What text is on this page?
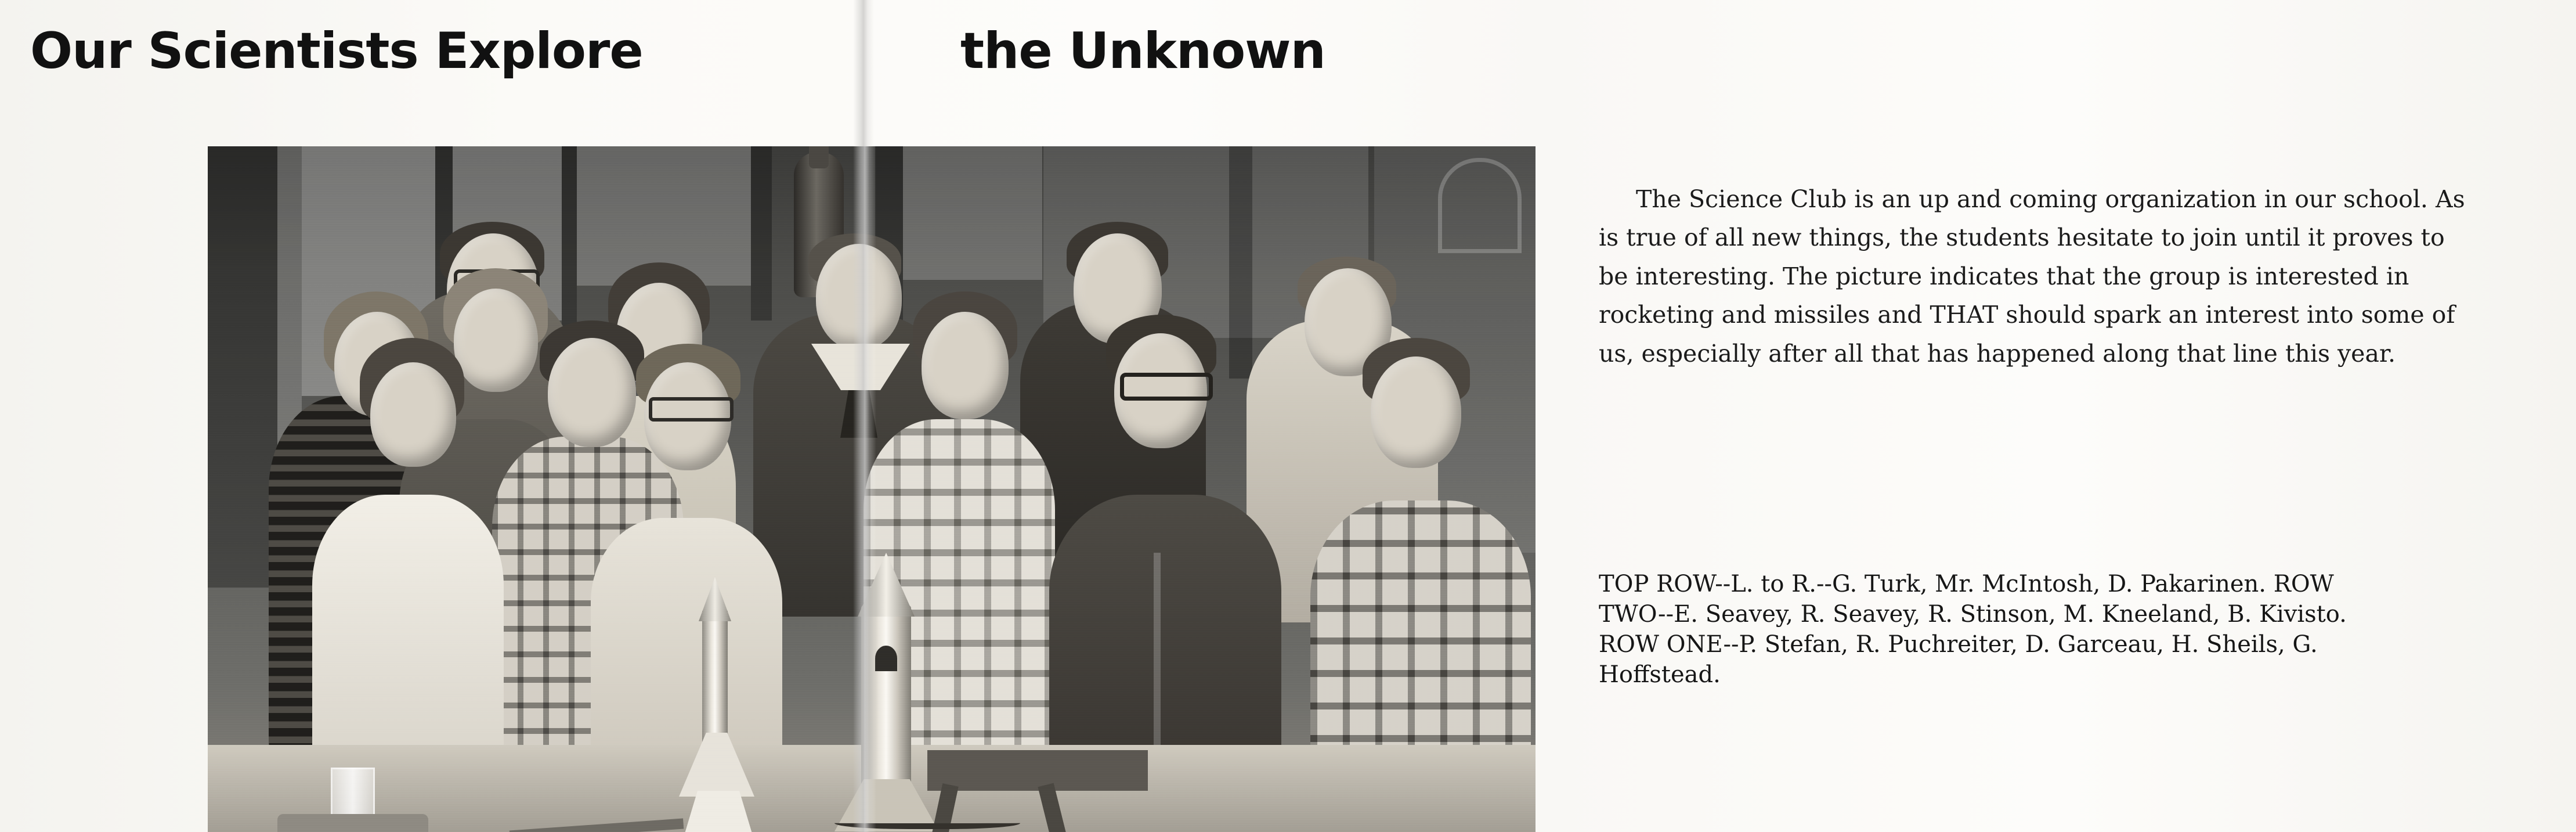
Our Scientists Explore	the Unknown

The Science Club is an up and coming organization in our school. As is true of all new things, the students hesitate to join until it proves to be interesting. The picture indicates that the group is interested in rocketing and missiles and THAT should spark an interest into some of us, especially after all that has happened along that line this year.

TOP ROW--L. to R.--G. Turk, Mr. McIntosh, D. Pakarinen. ROW

TWO--E. Seavey, R. Seavey, R. Stinson, M. Kneeland, B. Kivisto.

ROW ONE--P. Stefan, R. Puchreiter, D. Garceau, H. Sheils, G.

Hoffstead.
